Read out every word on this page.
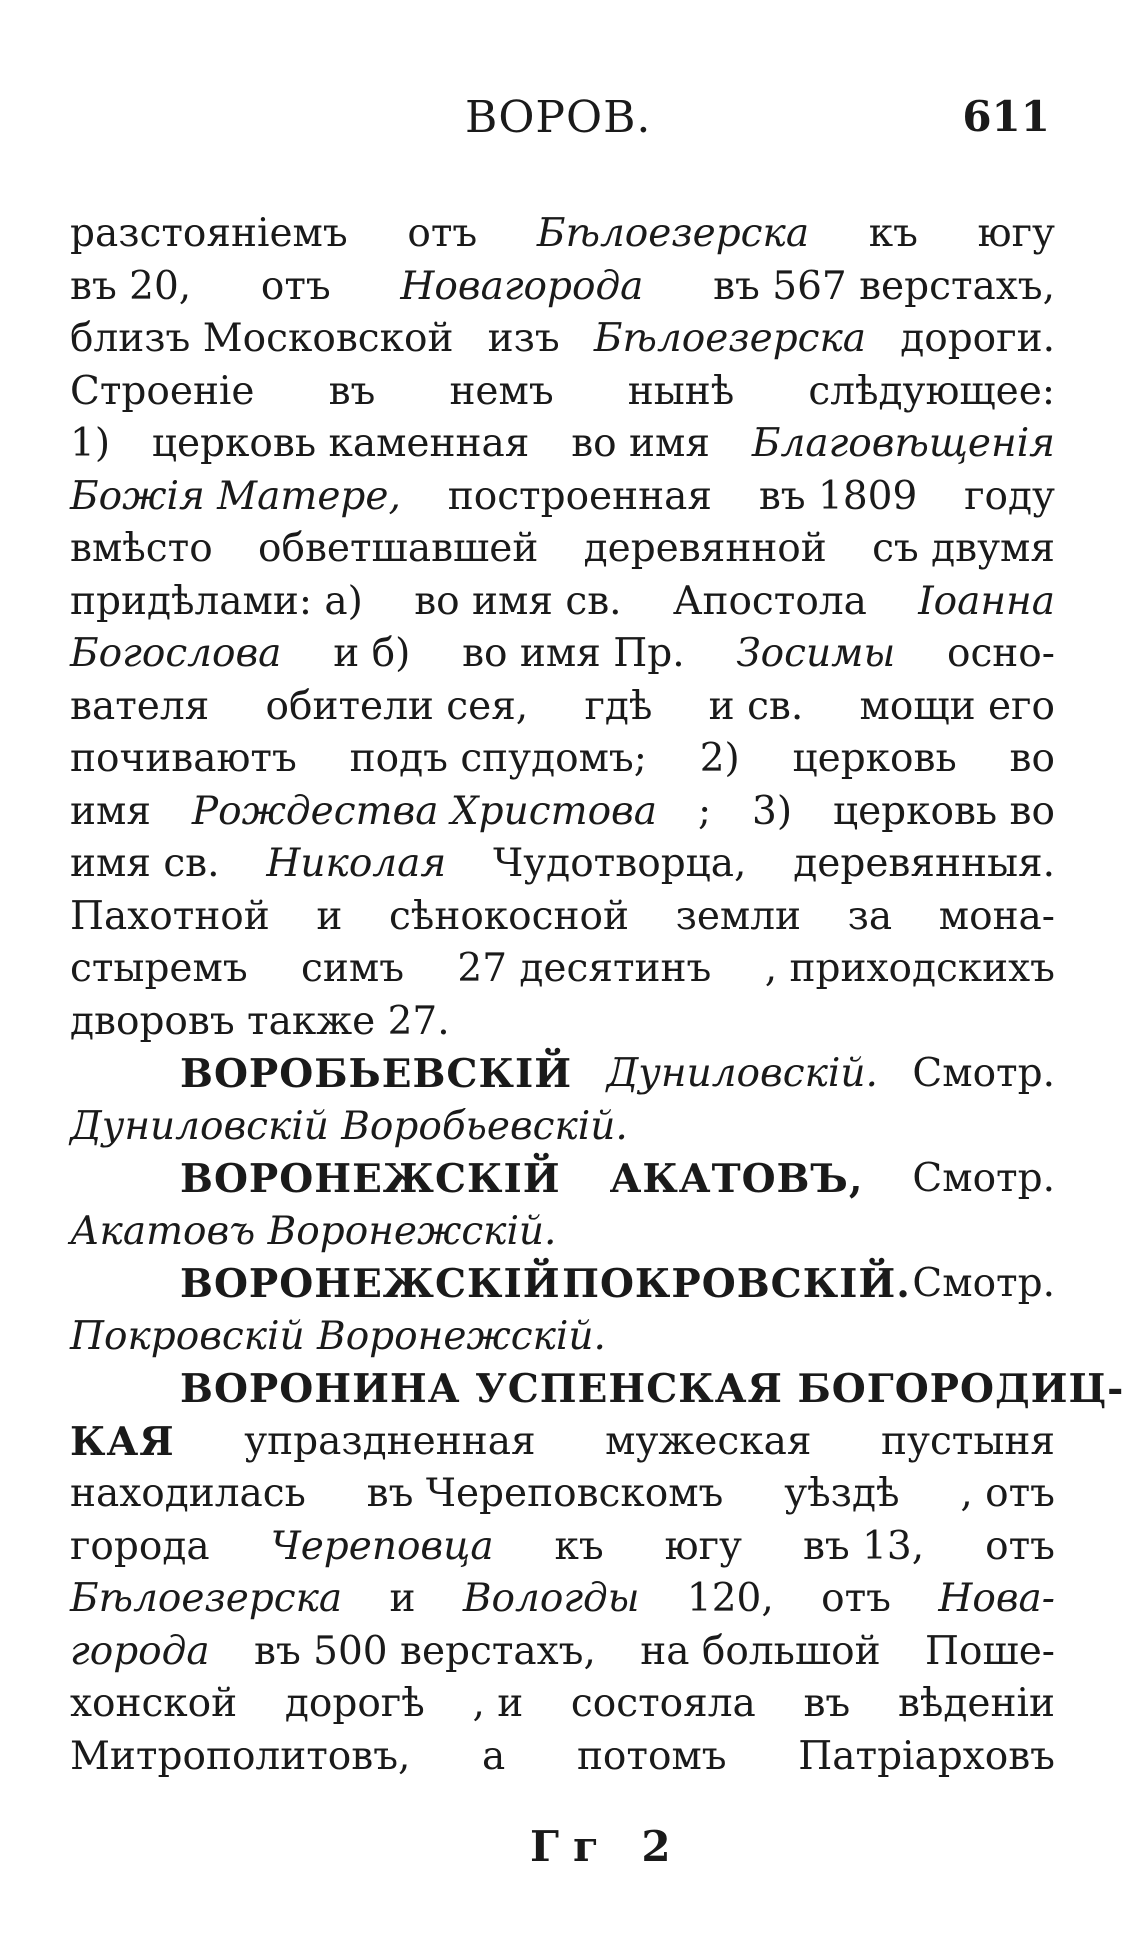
ВОРОВ.	611
разстояніемъ отъ Бѣлоезерска къ югу
въ 20, отъ Новагорода въ 567 верстахъ,
близъ Московской изъ Бѣлоезерска дороги.
Строеніе въ немъ нынѣ слѣдующее:
1) церковь каменная во имя Благовѣщенія
Божія Матере, построенная въ 1809 году
вмѣсто обветшавшей деревянной съ двумя
придѣлами: а) во имя св. Апостола Іоанна
Богослова и б) во имя Пр. Зосимы осно-
вателя обители сея, гдѣ и св. мощи его
почиваютъ подъ спудомъ; 2) церковь во
имя Рождества Христова ; 3) церковь во
имя св. Николая Чудотворца, деревянныя.
Пахотной и сѣнокосной земли за мона-
стыремъ симъ 27 десятинъ , приходскихъ
дворовъ также 27.
ВОРОБЬЕВСКІЙ Дуниловскій. Смотр.
Дуниловскій Воробьевскій.
ВОРОНЕЖСКІЙ АКАТОВЪ, Смотр.
Акатовъ Воронежскій.
ВОРОНЕЖСКІЙ ПОКРОВСКІЙ. Смотр.
Покровскій Воронежскій.
ВОРОНИНА УСПЕНСКАЯ БОГОРОДИЦ-
КАЯ упраздненная мужеская пустыня
находилась въ Череповскомъ уѣздѣ , отъ
города Череповца къ югу въ 13, отъ
Бѣлоезерска и Вологды 120, отъ Нова-
города въ 500 верстахъ, на большой Поше-
хонской дорогѣ , и состояла въ вѣденіи
Митрополитовъ, а потомъ Патріарховъ
Гг 2
